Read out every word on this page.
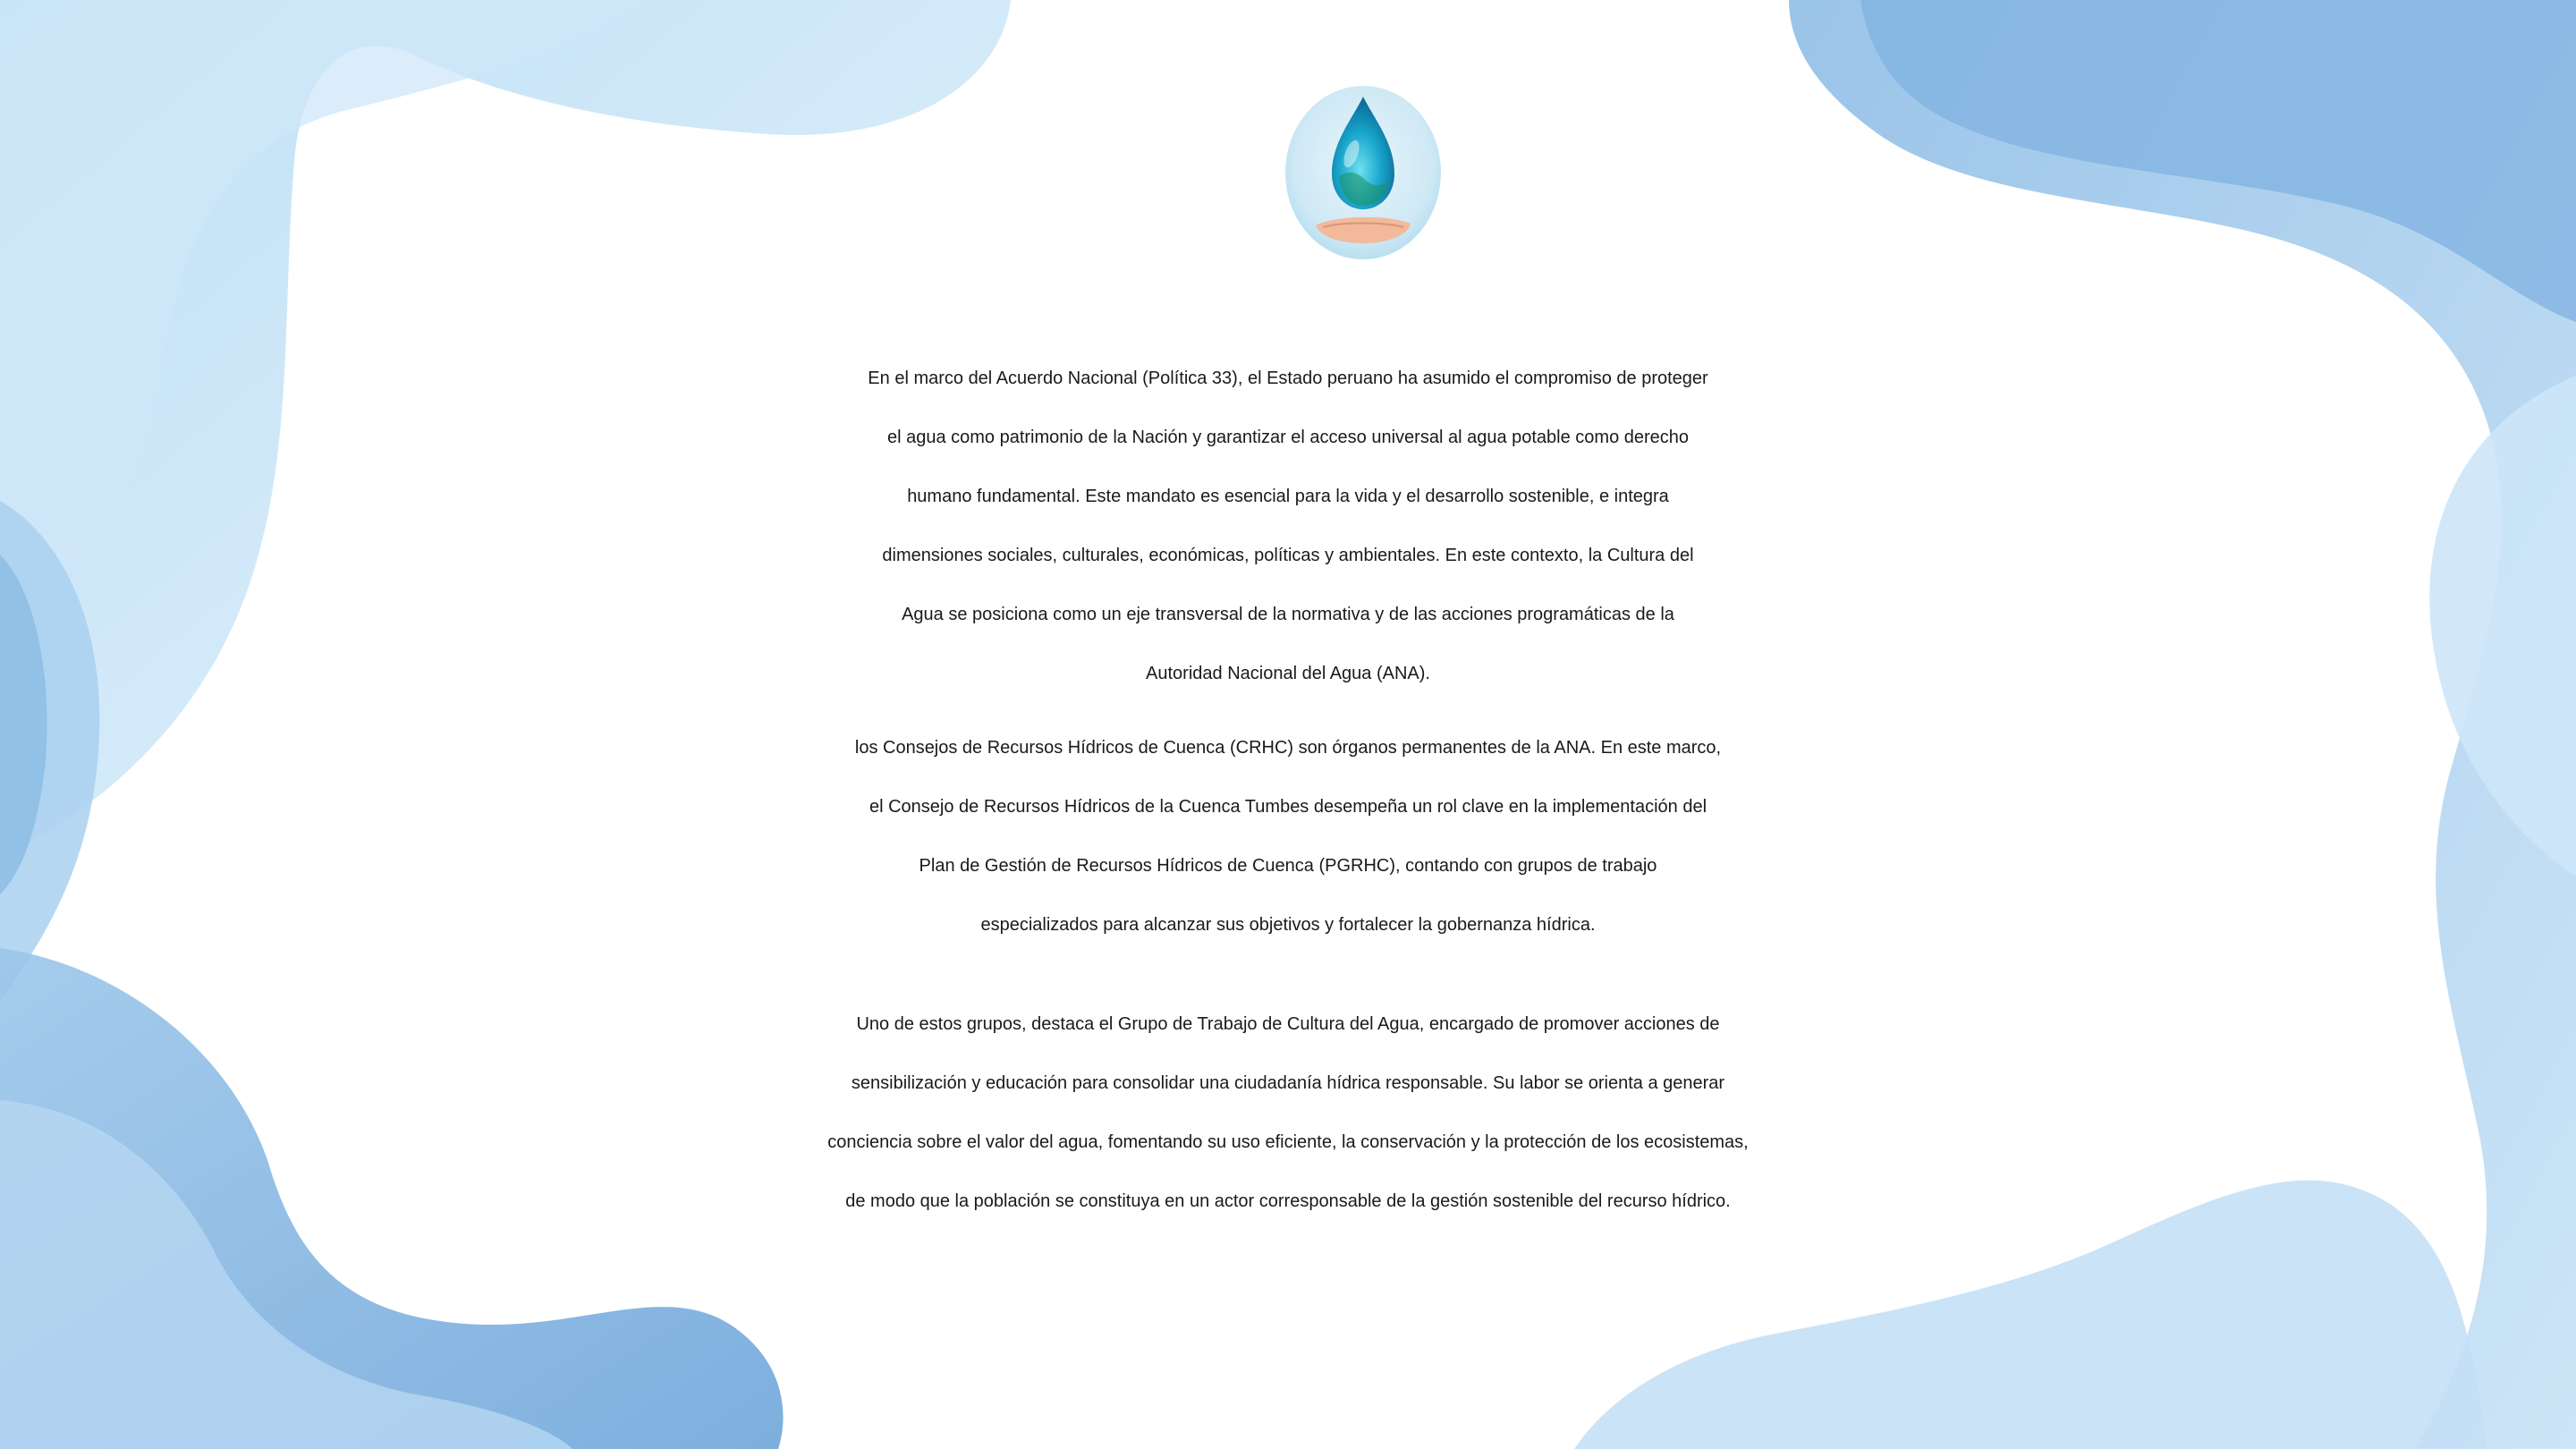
En el marco del Acuerdo Nacional (Política 33), el Estado peruano ha asumido el compromiso de proteger
el agua como patrimonio de la Nación y garantizar el acceso universal al agua potable como derecho
humano fundamental. Este mandato es esencial para la vida y el desarrollo sostenible, e integra
dimensiones sociales, culturales, económicas, políticas y ambientales. En este contexto, la Cultura del
Agua se posiciona como un eje transversal de la normativa y de las acciones programáticas de la
Autoridad Nacional del Agua (ANA).
los Consejos de Recursos Hídricos de Cuenca (CRHC) son órganos permanentes de la ANA. En este marco,
el Consejo de Recursos Hídricos de la Cuenca Tumbes desempeña un rol clave en la implementación del
Plan de Gestión de Recursos Hídricos de Cuenca (PGRHC), contando con grupos de trabajo
especializados para alcanzar sus objetivos y fortalecer la gobernanza hídrica.
Uno de estos grupos, destaca el Grupo de Trabajo de Cultura del Agua, encargado de promover acciones de
sensibilización y educación para consolidar una ciudadanía hídrica responsable. Su labor se orienta a generar
conciencia sobre el valor del agua, fomentando su uso eficiente, la conservación y la protección de los ecosistemas,
de modo que la población se constituya en un actor corresponsable de la gestión sostenible del recurso hídrico.
